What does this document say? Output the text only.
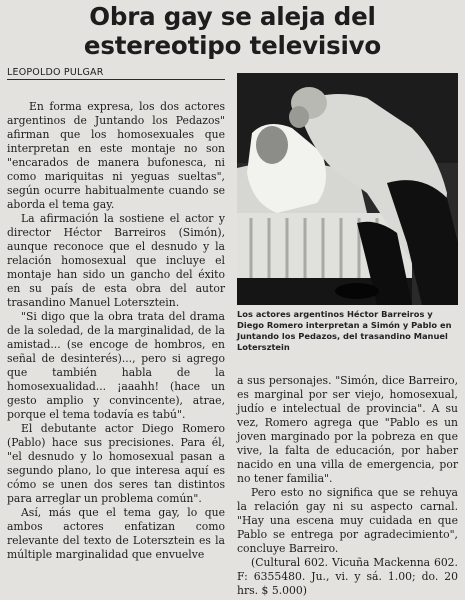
Obra gay se aleja del
estereotipo televisivo
LEOPOLDO PULGAR

En forma expresa, los dos actores argentinos de Juntando los Pedazos" afirman que los homosexuales que interpretan en este montaje no son "encarados de manera bufonesca, ni como mariquitas ni yeguas sueltas", según ocurre habitualmente cuando se aborda el tema gay.

La afirmación la sostiene el actor y director Héctor Barreiros (Simón), aunque reconoce que el desnudo y la relación homosexual que incluye el montaje han sido un gancho del éxito en su país de esta obra del autor trasandino Manuel Lotersztein.

"Si digo que la obra trata del drama de la soledad, de la marginalidad, de la amistad... (se encoge de hombros, en señal de desinterés)..., pero si agrego que también habla de la homosexualidad... ¡aaahh! (hace un gesto amplio y convincente), atrae, porque el tema todavía es tabú".

El debutante actor Diego Romero (Pablo) hace sus precisiones. Para él, "el desnudo y lo homosexual pasan a segundo plano, lo que interesa aquí es cómo se unen dos seres tan distintos para arreglar un problema común".

Así, más que el tema gay, lo que ambos actores enfatizan como relevante del texto de Lotersztein es la múltiple marginalidad que envuelve

Los actores argentinos Héctor Barreiros y Diego Romero interpretan a Simón y Pablo en Juntando los Pedazos, del trasandino Manuel Lotersztein

a sus personajes. "Simón, dice Barreiro, es marginal por ser viejo, homosexual, judío e intelectual de provincia". A su vez, Romero agrega que "Pablo es un joven marginado por la pobreza en que vive, la falta de educación, por haber nacido en una villa de emergencia, por no tener familia".

Pero esto no significa que se rehuya la relación gay ni su aspecto carnal. "Hay una escena muy cuidada en que Pablo se entrega por agradecimiento", concluye Barreiro.

(Cultural 602. Vicuña Mackenna 602. F: 6355480. Ju., vi. y sá. 1.00; do. 20 hrs. $ 5.000)
